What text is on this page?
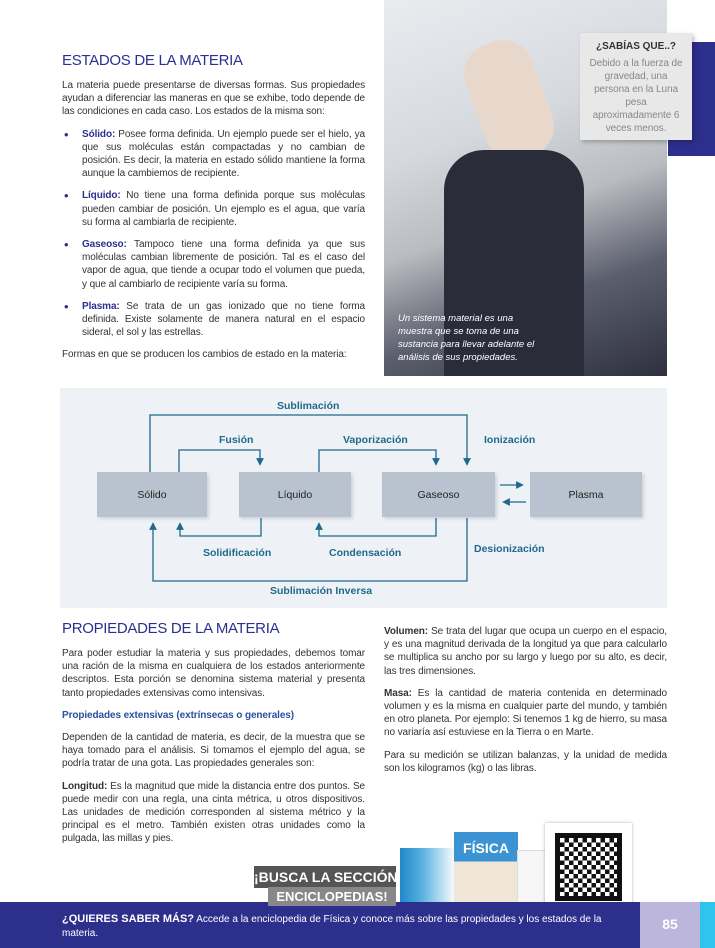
Un sistema material es una muestra que se toma de una sustancia para llevar adelante el análisis de sus propiedades.
¿SABÍAS QUE..?

Debido a la fuerza de gravedad, una persona en la Luna pesa aproximadamente 6 veces menos.

ESTADOS DE LA MATERIA

La materia puede presentarse de diversas formas. Sus propiedades ayudan a diferenciar las maneras en que se exhibe, todo depende de las condiciones en cada caso. Los estados de la misma son:

• Sólido: Posee forma definida. Un ejemplo puede ser el hielo, ya que sus moléculas están compactadas y no cambian de posición. Es decir, la materia en estado sólido mantiene la forma aunque la cambiemos de recipiente.
• Líquido: No tiene una forma definida porque sus moléculas pueden cambiar de posición. Un ejemplo es el agua, que varía su forma al cambiarla de recipiente.
• Gaseoso: Tampoco tiene una forma definida ya que sus moléculas cambian libremente de posición. Tal es el caso del vapor de agua, que tiende a ocupar todo el volumen que pueda, y que al cambiarlo de recipiente varía su forma.
• Plasma: Se trata de un gas ionizado que no tiene forma definida. Existe solamente de manera natural en el espacio sideral, el sol y las estrellas.

Formas en que se producen los cambios de estado en la materia:

Sólido	Líquido	Gaseoso	Plasma
Sublimación
Fusión	Vaporización	Ionización
Solidificación	Condensación	Desionización
Sublimación Inversa
PROPIEDADES DE LA MATERIA

Para poder estudiar la materia y sus propiedades, debemos tomar una ración de la misma en cualquiera de los estados anteriormente descriptos. Esta porción se denomina sistema material y presenta tanto propiedades extensivas como intensivas.

Propiedades extensivas (extrínsecas o generales)

Dependen de la cantidad de materia, es decir, de la muestra que se haya tomado para el análisis. Si tomamos el ejemplo del agua, se podría tratar de una gota. Las propiedades generales son:

Longitud: Es la magnitud que mide la distancia entre dos puntos. Se puede medir con una regla, una cinta métrica, u otros dispositivos. Las unidades de medición corresponden al sistema métrico y la principal es el metro. También existen otras unidades como la pulgada, las millas y pies.

Volumen: Se trata del lugar que ocupa un cuerpo en el espacio, y es una magnitud derivada de la longitud ya que para calcularlo se multiplica su ancho por su largo y luego por su alto, es decir, las tres dimensiones.

Masa: Es la cantidad de materia contenida en determinado volumen y es la misma en cualquier parte del mundo, y también en otro planeta. Por ejemplo: Si tenemos 1 kg de hierro, su masa no variaría así estuviese en la Tierra o en Marte.

Para su medición se utilizan balanzas, y la unidad de medida son los kilogramos (kg) o las libras.

FÍSICA
¡BUSCA LA SECCIÓN
ENCICLOPEDIAS!
¿QUIERES SABER MÁS? Accede a la enciclopedia de Física y conoce más sobre las propiedades y los estados de la materia.
85
